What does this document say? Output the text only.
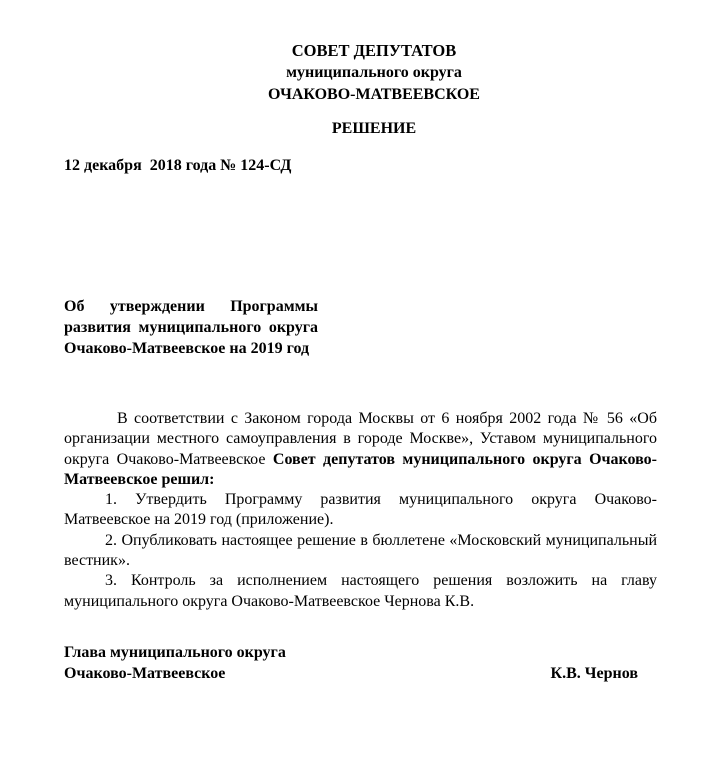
СОВЕТ ДЕПУТАТОВ
муниципального округа
ОЧАКОВО-МАТВЕЕВСКОЕ
РЕШЕНИЕ
12 декабря  2018 года № 124-СД
Об утверждении Программы развития муниципального округа Очаково-Матвеевское на 2019 год

В соответствии с Законом города Москвы от 6 ноября 2002 года № 56 «Об организации местного самоуправления в городе Москве», Уставом муниципального округа Очаково-Матвеевское Совет депутатов муниципального округа Очаково-Матвеевское решил:

1. Утвердить Программу развития муниципального округа Очаково-Матвеевское на 2019 год (приложение).

2. Опубликовать настоящее решение в бюллетене «Московский муниципальный вестник».

3. Контроль за исполнением настоящего решения возложить на главу муниципального округа Очаково-Матвеевское Чернова К.В.

Глава муниципального округа
Очаково-Матвеевское	К.В. Чернов
